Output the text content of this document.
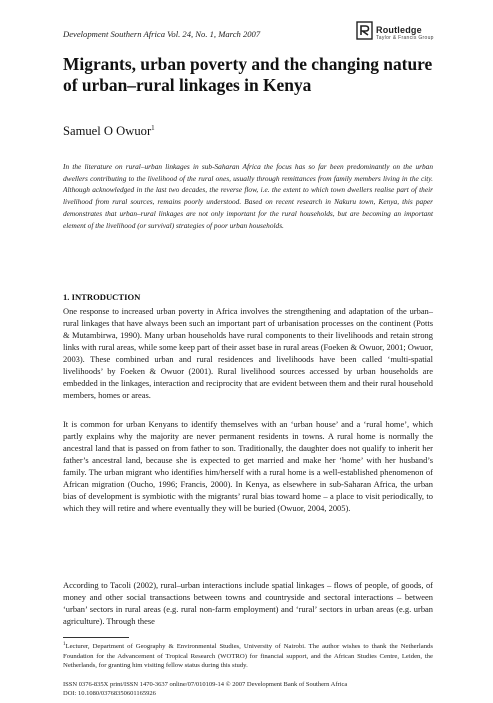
Development Southern Africa Vol. 24, No. 1, March 2007	Routledge
Taylor & Francis Group
Migrants, urban poverty and the changing nature of urban–rural linkages in Kenya
Samuel O Owuor$^1$
In the literature on rural–urban linkages in sub-Saharan Africa the focus has so far been predominantly on the urban dwellers contributing to the livelihood of the rural ones, usually through remittances from family members living in the city. Although acknowledged in the last two decades, the reverse flow, i.e. the extent to which town dwellers realise part of their livelihood from rural sources, remains poorly understood. Based on recent research in Nakuru town, Kenya, this paper demonstrates that urban–rural linkages are not only important for the rural households, but are becoming an important element of the livelihood (or survival) strategies of poor urban households.
1. INTRODUCTION
One response to increased urban poverty in Africa involves the strengthening and adaptation of the urban–rural linkages that have always been such an important part of urbanisation processes on the continent (Potts & Mutambirwa, 1990). Many urban households have rural components to their livelihoods and retain strong links with rural areas, while some keep part of their asset base in rural areas (Foeken & Owuor, 2001; Owuor, 2003). These combined urban and rural residences and livelihoods have been called ‘multi-spatial livelihoods’ by Foeken & Owuor (2001). Rural livelihood sources accessed by urban households are embedded in the linkages, interaction and reciprocity that are evident between them and their rural household members, homes or areas.
It is common for urban Kenyans to identify themselves with an ‘urban house’ and a ‘rural home’, which partly explains why the majority are never permanent residents in towns. A rural home is normally the ancestral land that is passed on from father to son. Traditionally, the daughter does not qualify to inherit her father’s ancestral land, because she is expected to get married and make her ‘home’ with her husband’s family. The urban migrant who identifies him/herself with a rural home is a well-established phenomenon of African migration (Oucho, 1996; Francis, 2000). In Kenya, as elsewhere in sub-Saharan Africa, the urban bias of development is symbiotic with the migrants’ rural bias toward home – a place to visit periodically, to which they will retire and where eventually they will be buried (Owuor, 2004, 2005).
According to Tacoli (2002), rural–urban interactions include spatial linkages – flows of people, of goods, of money and other social transactions between towns and countryside and sectoral interactions – between ‘urban’ sectors in rural areas (e.g. rural non-farm employment) and ‘rural’ sectors in urban areas (e.g. urban agriculture). Through these
$^1$Lecturer, Department of Geography & Environmental Studies, University of Nairobi. The author wishes to thank the Netherlands Foundation for the Advancement of Tropical Research (WOTRO) for financial support, and the African Studies Centre, Leiden, the Netherlands, for granting him visiting fellow status during this study.
ISSN 0376-835X print/ISSN 1470-3637 online/07/010109-14 © 2007 Development Bank of Southern Africa
DOI: 10.1080/03768350601165926
